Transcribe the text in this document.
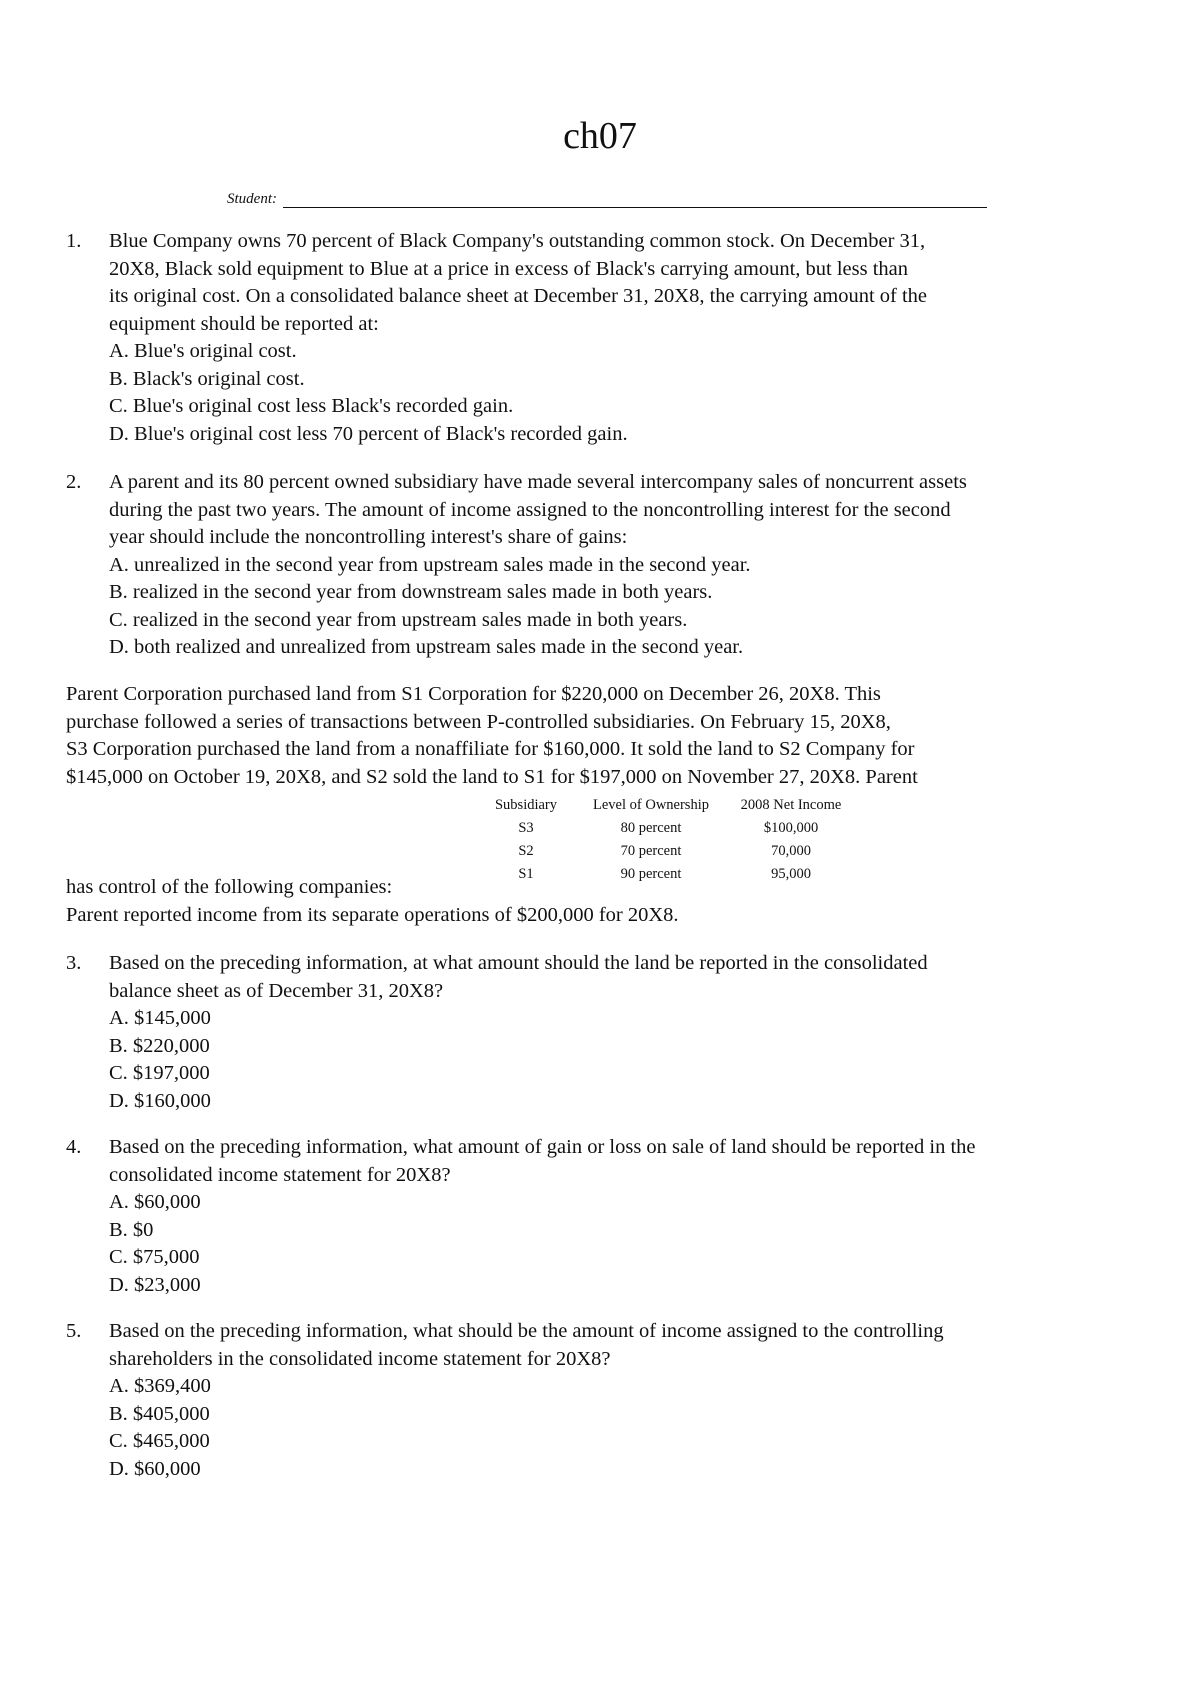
ch07
Student:
1.	Blue Company owns 70 percent of Black Company's outstanding common stock. On December 31,

20X8, Black sold equipment to Blue at a price in excess of Black's carrying amount, but less than

its original cost. On a consolidated balance sheet at December 31, 20X8, the carrying amount of the

equipment should be reported at:

A. Blue's original cost.

B. Black's original cost.

C. Blue's original cost less Black's recorded gain.

D. Blue's original cost less 70 percent of Black's recorded gain.

2.	A parent and its 80 percent owned subsidiary have made several intercompany sales of noncurrent assets

during the past two years. The amount of income assigned to the noncontrolling interest for the second

year should include the noncontrolling interest's share of gains:

A. unrealized in the second year from upstream sales made in the second year.

B. realized in the second year from downstream sales made in both years.

C. realized in the second year from upstream sales made in both years.

D. both realized and unrealized from upstream sales made in the second year.

Parent Corporation purchased land from S1 Corporation for $220,000 on December 26, 20X8. This

purchase followed a series of transactions between P-controlled subsidiaries. On February 15, 20X8,

S3 Corporation purchased the land from a nonaffiliate for $160,000. It sold the land to S2 Company for

$145,000 on October 19, 20X8, and S2 sold the land to S1 for $197,000 on November 27, 20X8. Parent

Subsidiary	Level of Ownership	2008 Net Income
S3	80 percent	$100,000
S2	70 percent	70,000
S1	90 percent	95,000

has control of the following companies:

Parent reported income from its separate operations of $200,000 for 20X8.

3.	Based on the preceding information, at what amount should the land be reported in the consolidated

balance sheet as of December 31, 20X8?

A. $145,000

B. $220,000

C. $197,000

D. $160,000

4.	Based on the preceding information, what amount of gain or loss on sale of land should be reported in the

consolidated income statement for 20X8?

A. $60,000

B. $0

C. $75,000

D. $23,000

5.	Based on the preceding information, what should be the amount of income assigned to the controlling

shareholders in the consolidated income statement for 20X8?

A. $369,400

B. $405,000

C. $465,000

D. $60,000
